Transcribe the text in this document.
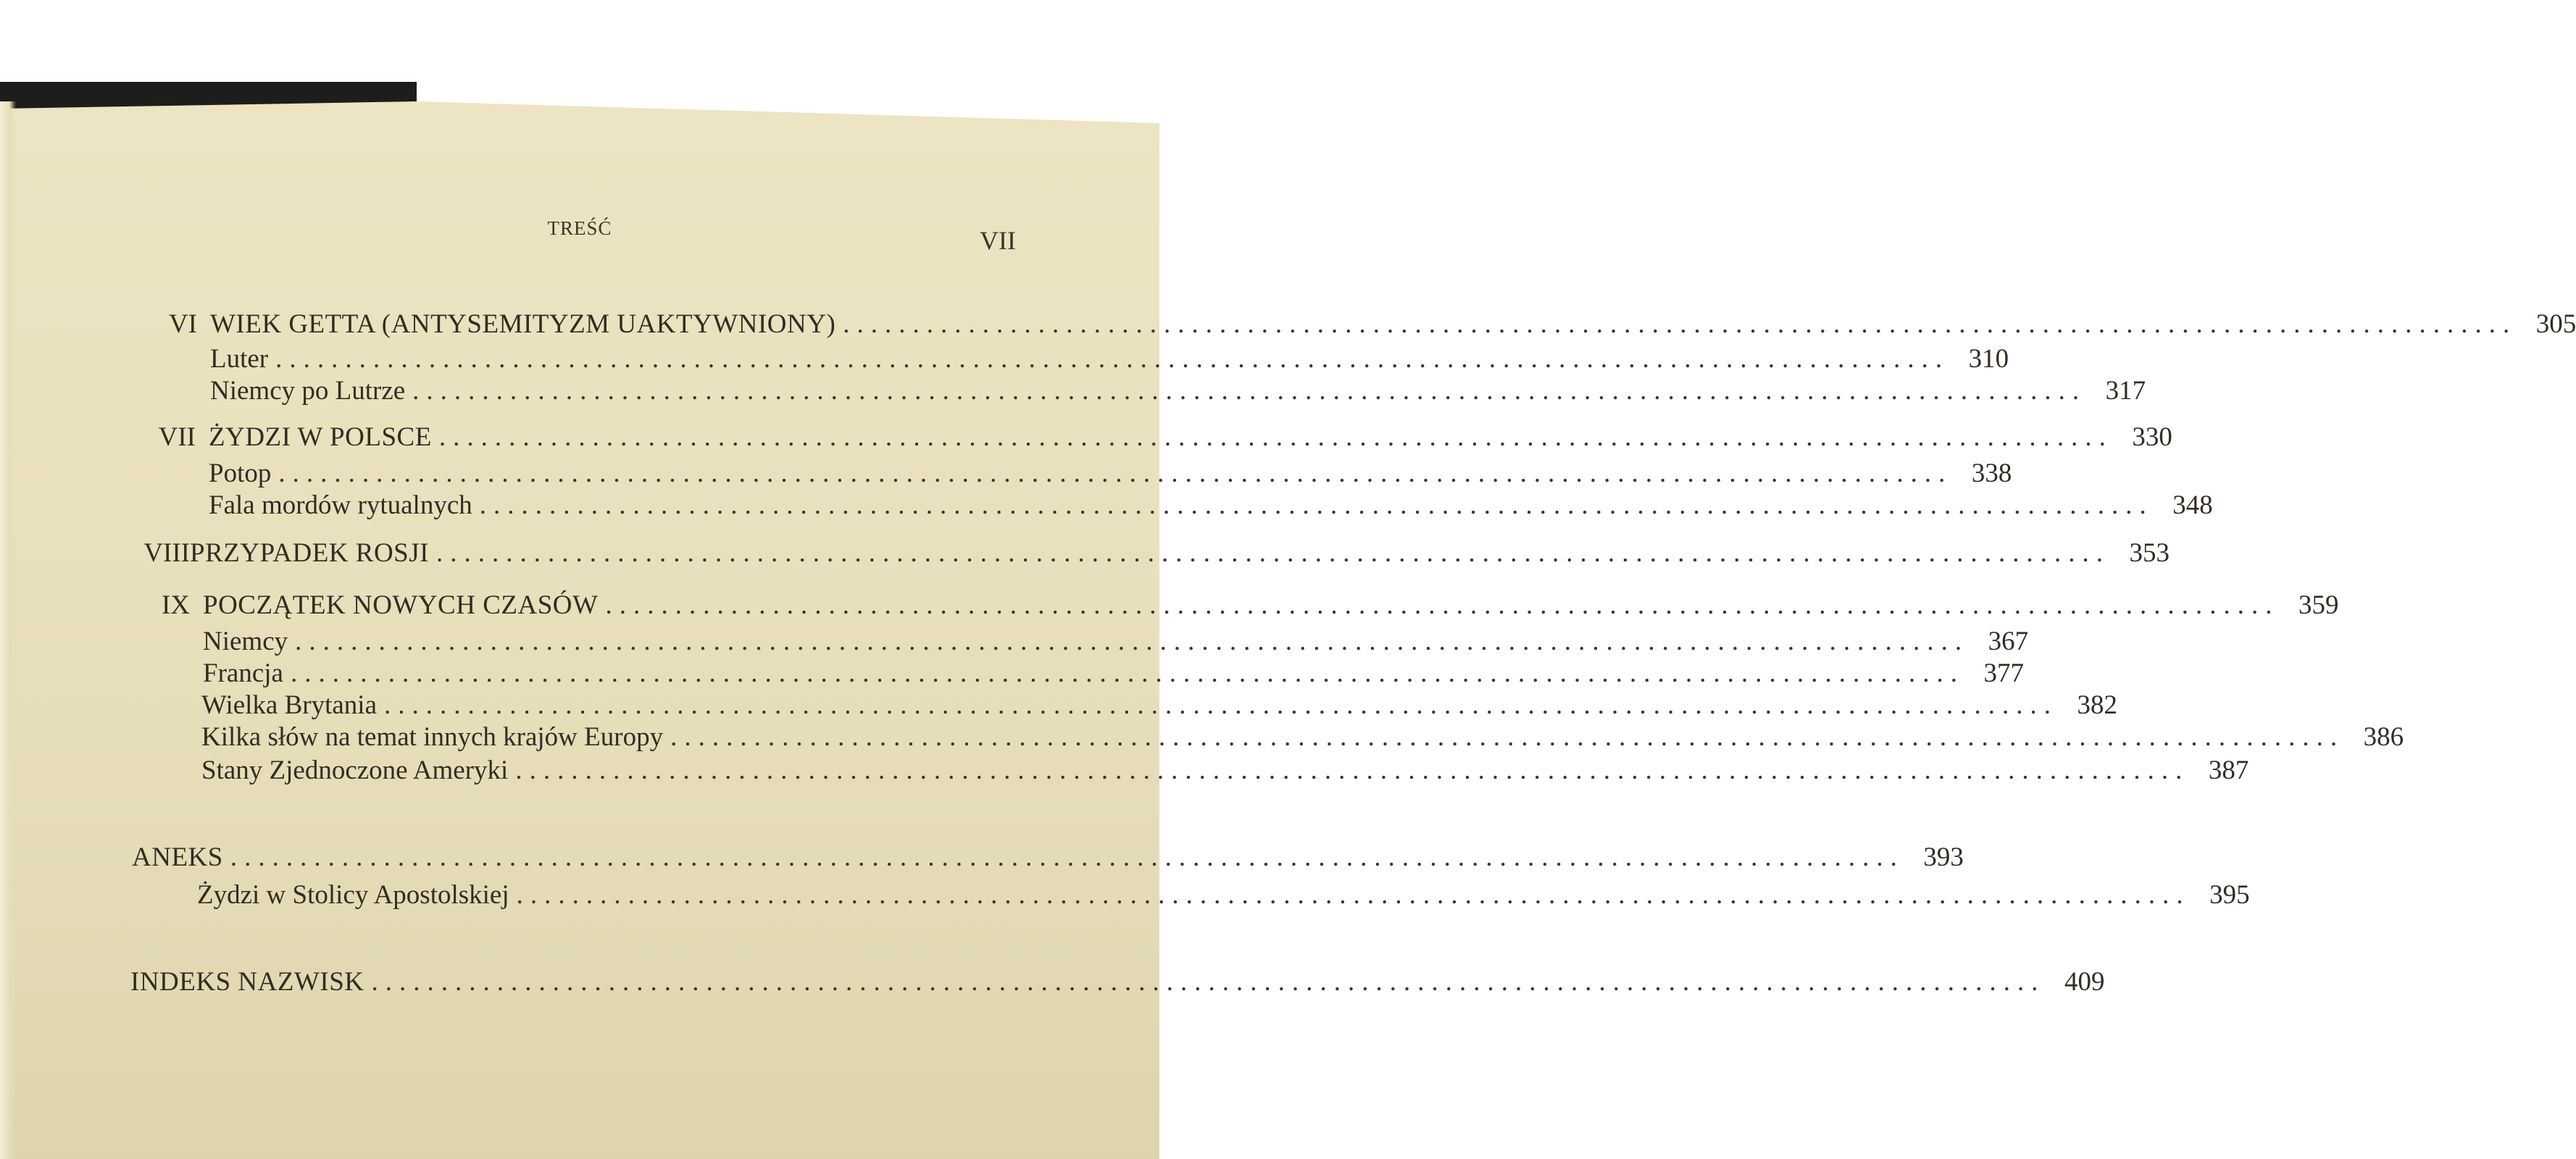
TREŚĆ	VII
VI WIEK GETTA (ANTYSEMITYZM UAKTYWNIONY) ........................................................................................................................ 305
Luter ........................................................................................................................ 310
Niemcy po Lutrze ........................................................................................................................ 317
VII ŻYDZI W POLSCE ........................................................................................................................ 330
Potop ........................................................................................................................ 338
Fala mordów rytualnych ........................................................................................................................ 348
VIII PRZYPADEK ROSJI ........................................................................................................................ 353
IX POCZĄTEK NOWYCH CZASÓW ........................................................................................................................ 359
Niemcy ........................................................................................................................ 367
Francja ........................................................................................................................ 377
Wielka Brytania ........................................................................................................................ 382
Kilka słów na temat innych krajów Europy ........................................................................................................................ 386
Stany Zjednoczone Ameryki ........................................................................................................................ 387
ANEKS ........................................................................................................................ 393
Żydzi w Stolicy Apostolskiej ........................................................................................................................ 395
INDEKS NAZWISK ........................................................................................................................ 409
